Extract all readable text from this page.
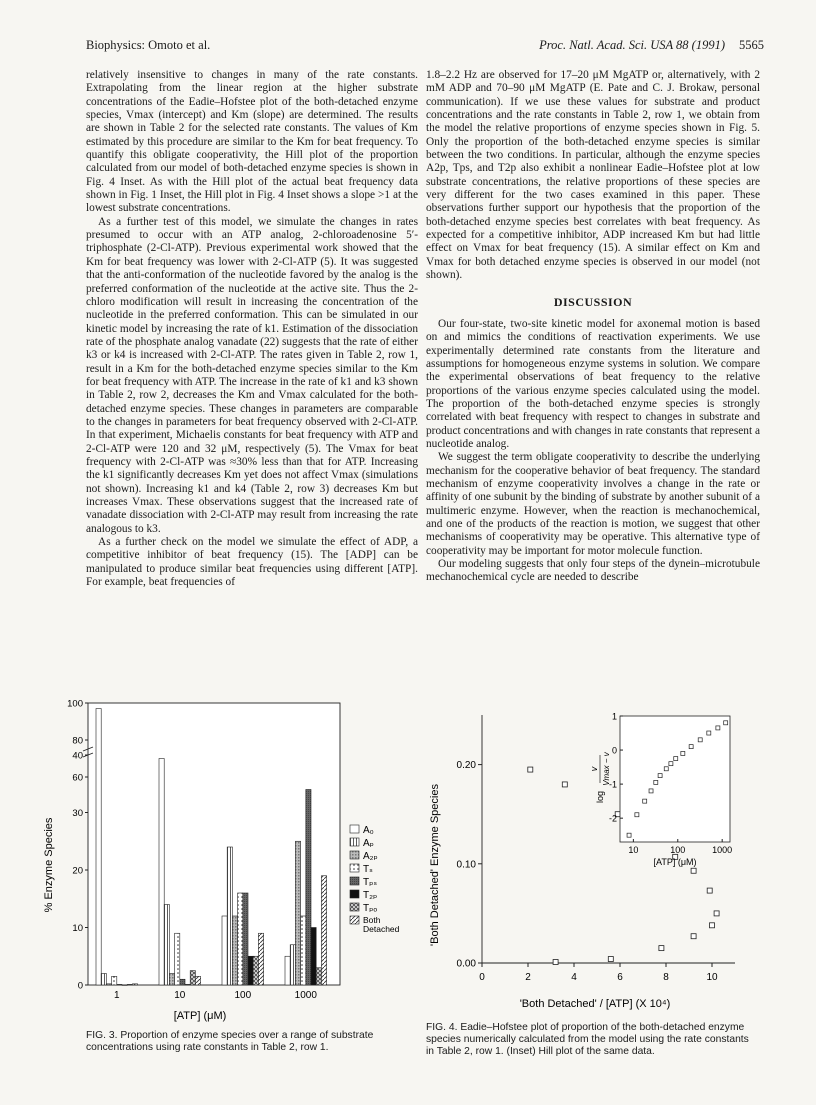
Biophysics: Omoto et al.	Proc. Natl. Acad. Sci. USA 88 (1991) 5565

relatively insensitive to changes in many of the rate constants. Extrapolating from the linear region at the higher substrate concentrations of the Eadie–Hofstee plot of the both-detached enzyme species, Vmax (intercept) and Km (slope) are determined. The results are shown in Table 2 for the selected rate constants. The values of Km estimated by this procedure are similar to the Km for beat frequency. To quantify this obligate cooperativity, the Hill plot of the proportion calculated from our model of both-detached enzyme species is shown in Fig. 4 Inset. As with the Hill plot of the actual beat frequency data shown in Fig. 1 Inset, the Hill plot in Fig. 4 Inset shows a slope >1 at the lowest substrate concentrations.

As a further test of this model, we simulate the changes in rates presumed to occur with an ATP analog, 2-chloroadenosine 5′-triphosphate (2-Cl-ATP). Previous experimental work showed that the Km for beat frequency was lower with 2-Cl-ATP (5). It was suggested that the anti-conformation of the nucleotide favored by the analog is the preferred conformation of the nucleotide at the active site. Thus the 2-chloro modification will result in increasing the concentration of the nucleotide in the preferred conformation. This can be simulated in our kinetic model by increasing the rate of k1. Estimation of the dissociation rate of the phosphate analog vanadate (22) suggests that the rate of either k3 or k4 is increased with 2-Cl-ATP. The rates given in Table 2, row 1, result in a Km for the both-detached enzyme species similar to the Km for beat frequency with ATP. The increase in the rate of k1 and k3 shown in Table 2, row 2, decreases the Km and Vmax calculated for the both-detached enzyme species. These changes in parameters are comparable to the changes in parameters for beat frequency observed with 2-Cl-ATP. In that experiment, Michaelis constants for beat frequency with ATP and 2-Cl-ATP were 120 and 32 μM, respectively (5). The Vmax for beat frequency with 2-Cl-ATP was ≈30% less than that for ATP. Increasing the k1 significantly decreases Km yet does not affect Vmax (simulations not shown). Increasing k1 and k4 (Table 2, row 3) decreases Km but increases Vmax. These observations suggest that the increased rate of vanadate dissociation with 2-Cl-ATP may result from increasing the rate analogous to k3.

As a further check on the model we simulate the effect of ADP, a competitive inhibitor of beat frequency (15). The [ADP] can be manipulated to produce similar beat frequencies using different [ATP]. For example, beat frequencies of

1.8–2.2 Hz are observed for 17–20 μM MgATP or, alternatively, with 2 mM ADP and 70–90 μM MgATP (E. Pate and C. J. Brokaw, personal communication). If we use these values for substrate and product concentrations and the rate constants in Table 2, row 1, we obtain from the model the relative proportions of enzyme species shown in Fig. 5. Only the proportion of the both-detached enzyme species is similar between the two conditions. In particular, although the enzyme species A2p, Tps, and T2p also exhibit a nonlinear Eadie–Hofstee plot at low substrate concentrations, the relative proportions of these species are very different for the two cases examined in this paper. These observations further support our hypothesis that the proportion of the both-detached enzyme species best correlates with beat frequency. As expected for a competitive inhibitor, ADP increased Km but had little effect on Vmax for beat frequency (15). A similar effect on Km and Vmax for both detached enzyme species is observed in our model (not shown).

DISCUSSION

Our four-state, two-site kinetic model for axonemal motion is based on and mimics the conditions of reactivation experiments. We use experimentally determined rate constants from the literature and assumptions for homogeneous enzyme systems in solution. We compare the experimental observations of beat frequency to the relative proportions of the various enzyme species calculated using the model. The proportion of the both-detached enzyme species is strongly correlated with beat frequency with respect to changes in substrate and product concentrations and with changes in rate constants that represent a nucleotide analog.

We suggest the term obligate cooperativity to describe the underlying mechanism for the cooperative behavior of beat frequency. The standard mechanism of enzyme cooperativity involves a change in the rate or affinity of one subunit by the binding of substrate by another subunit of a multimeric enzyme. However, when the reaction is mechanochemical, and one of the products of the reaction is motion, we suggest that other mechanisms of cooperativity may be operative. This alternative type of cooperativity may be important for motor molecule function.

Our modeling suggests that only four steps of the dynein–microtubule mechanochemical cycle are needed to describe

0
10
20
30
40
60
80
100
1	10	100	1000
A₀
Aₚ
A₂ₚ
Tₛ
Tₚₛ
T₂ₚ
Tₚₒ
Both
Detached
% Enzyme Species
[ATP] (μM)
FIG. 3. Proportion of enzyme species over a range of substrate concentrations using rate constants in Table 2, row 1.
0	2	4	6	8	10
0.00
0.10
0.20
1
0
-1
-2
10	100	1000
[ATP] (μM)
log
v Vmax − v
'Both Detached' Enzyme Species
'Both Detached' / [ATP] (X 10⁴)
FIG. 4. Eadie–Hofstee plot of proportion of the both-detached enzyme species numerically calculated from the model using the rate constants in Table 2, row 1. (Inset) Hill plot of the same data.
